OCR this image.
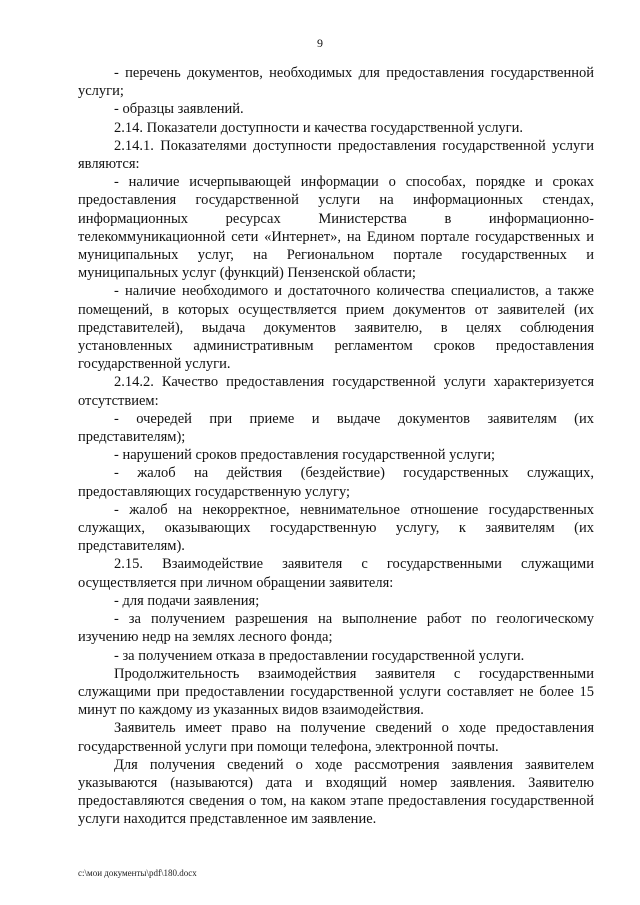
9

- перечень документов, необходимых для предоставления государственной услуги;

- образцы заявлений.

2.14. Показатели доступности и качества государственной услуги.

2.14.1. Показателями доступности предоставления государственной услуги являются:

- наличие исчерпывающей информации о способах, порядке и сроках предоставления государственной услуги на информационных стендах, информационных ресурсах Министерства в информационно-телекоммуникационной сети «Интернет», на Едином портале государственных и муниципальных услуг, на Региональном портале государственных и муниципальных услуг (функций) Пензенской области;

- наличие необходимого и достаточного количества специалистов, а также помещений, в которых осуществляется прием документов от заявителей (их представителей), выдача документов заявителю, в целях соблюдения установленных административным регламентом сроков предоставления государственной услуги.

2.14.2. Качество предоставления государственной услуги характеризуется отсутствием:

- очередей при приеме и выдаче документов заявителям (их представителям);

- нарушений сроков предоставления государственной услуги;

- жалоб на действия (бездействие) государственных служащих, предоставляющих государственную услугу;

- жалоб на некорректное, невнимательное отношение государственных служащих, оказывающих государственную услугу, к заявителям (их представителям).

2.15. Взаимодействие заявителя с государственными служащими осуществляется при личном обращении заявителя:

- для подачи заявления;

- за получением разрешения на выполнение работ по геологическому изучению недр на землях лесного фонда;

- за получением отказа в предоставлении государственной услуги.

Продолжительность взаимодействия заявителя с государственными служащими при предоставлении государственной услуги составляет не более 15 минут по каждому из указанных видов взаимодействия.

Заявитель имеет право на получение сведений о ходе предоставления государственной услуги при помощи телефона, электронной почты.

Для получения сведений о ходе рассмотрения заявления заявителем указываются (называются) дата и входящий номер заявления. Заявителю предоставляются сведения о том, на каком этапе предоставления государственной услуги находится представленное им заявление.

c:\мои документы\pdf\180.docx
